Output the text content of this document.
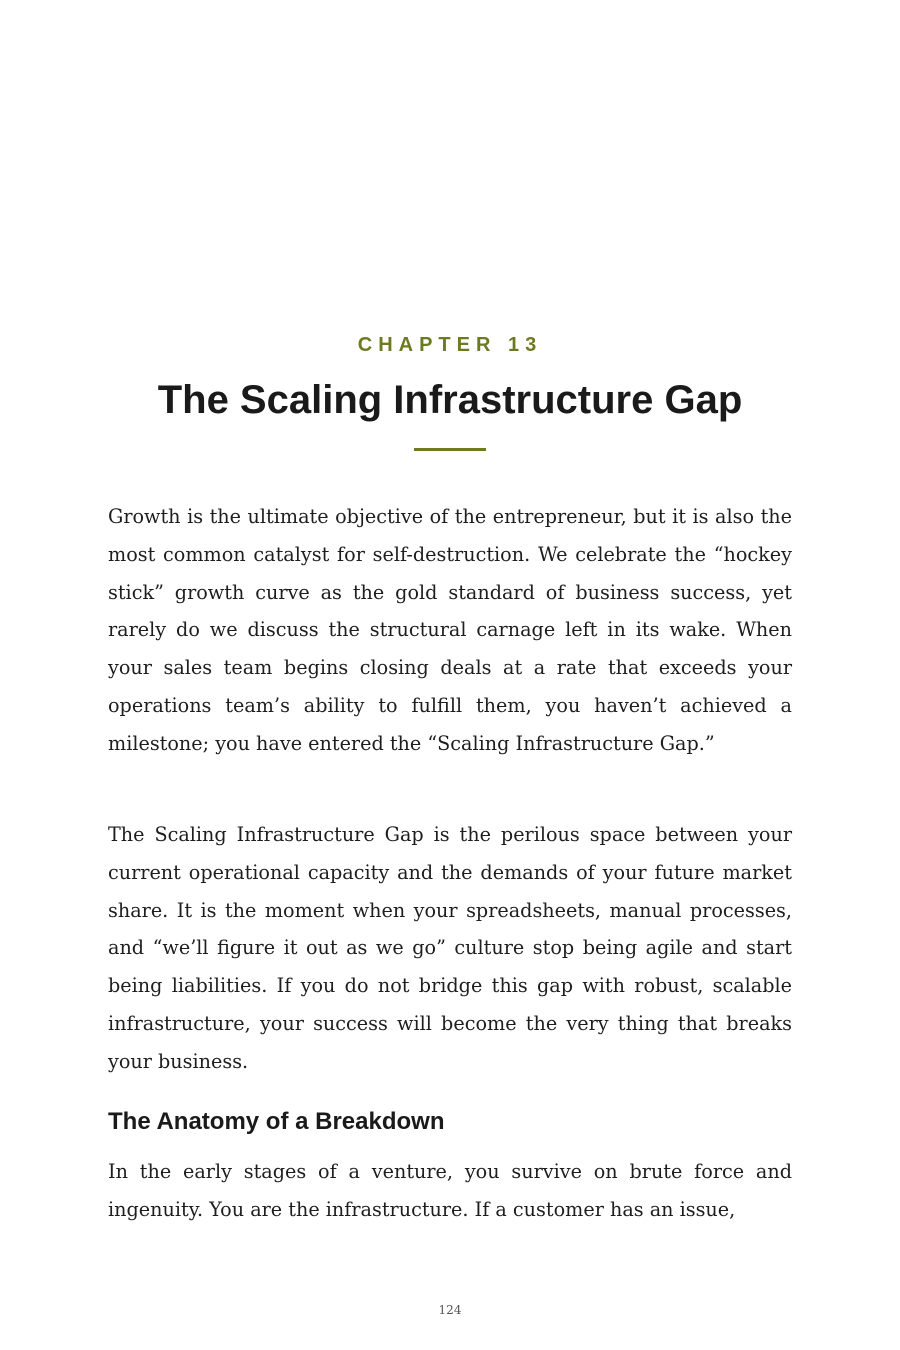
CHAPTER 13
The Scaling Infrastructure Gap

Growth is the ultimate objective of the entrepreneur, but it is also the most common catalyst for self-destruction. We celebrate the “hockey stick” growth curve as the gold standard of business success, yet rarely do we discuss the structural carnage left in its wake. When your sales team begins closing deals at a rate that exceeds your operations team’s ability to fulfill them, you haven’t achieved a milestone; you have entered the “Scaling Infrastructure Gap.”

The Scaling Infrastructure Gap is the perilous space between your current operational capacity and the demands of your future market share. It is the moment when your spreadsheets, manual processes, and “we’ll figure it out as we go” culture stop being agile and start being liabilities. If you do not bridge this gap with robust, scalable infrastructure, your success will become the very thing that breaks your business.

The Anatomy of a Breakdown

In the early stages of a venture, you survive on brute force and ingenuity. You are the infrastructure. If a customer has an issue,

124
